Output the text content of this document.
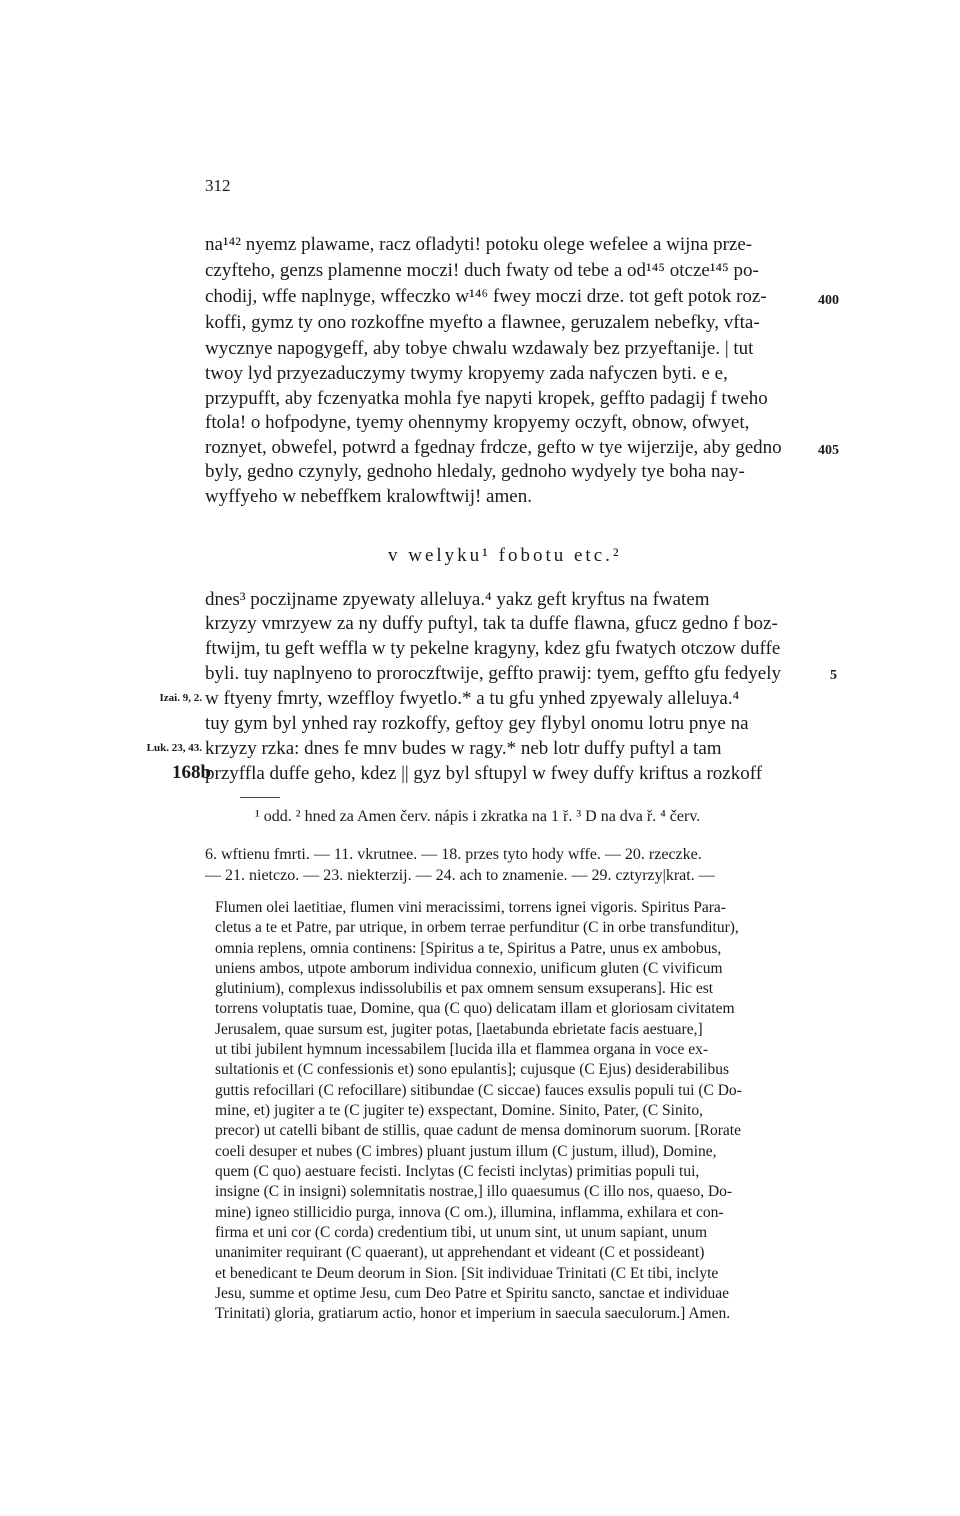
312
na¹⁴² nyemz plawame, racz ofladyti! potoku olege wefelee a wijna prze-
czyfteho, genzs plamenne moczi! duch fwaty od tebe a od¹⁴⁵ otcze¹⁴⁵ po-
chodij, wffe naplnyge, wffeczko w¹⁴⁶ fwey moczi drze. tot geft potok roz-
koffi, gymz ty ono rozkoffne myefto a flawnee, geruzalem nebefky, vfta-
wycznye napogygeff, aby tobye chwalu wzdawaly bez przyeftanije. | tut
twoy lyd przyezaduczymy twymy kropyemy zada nafyczen byti. e e,
przypufft, aby fczenyatka mohla fye napyti kropek, geffto padagij f tweho
ftola! o hofpodyne, tyemy ohennymy kropyemy oczyft, obnow, ofwyet,
roznyet, obwefel, potwrd a fgednay frdcze, gefto w tye wijerzije, aby gedno
byly, gedno czynyly, gednoho hledaly, gednoho wydyely tye boha nay-
wyffyeho w nebeffkem kralowftwij! amen.
400
405
5
v welyku¹ fobotu etc.²
dnes³ poczijname zpyewaty alleluya.⁴ yakz geft kryftus na fwatem
krzyzy vmrzyew za ny duffy puftyl, tak ta duffe flawna, gfucz gedno f boz-
ftwijm, tu geft weffla w ty pekelne kragyny, kdez gfu fwatych otczow duffe
byli. tuy naplnyeno to proroczftwije, geffto prawij: tyem, geffto gfu fedyely
w ftyeny fmrty, wzeffloy fwyetlo.* a tu gfu ynhed zpyewaly alleluya.⁴
tuy gym byl ynhed ray rozkoffy, geftoy gey flybyl onomu lotru pnye na
krzyzy rzka: dnes fe mnv budes w ragy.* neb lotr duffy puftyl a tam
przyffla duffe geho, kdez || gyz byl sftupyl w fwey duffy kriftus a rozkoff
Izai. 9, 2.
Luk. 23, 43.
168b
¹ odd. ² hned za Amen červ. nápis i zkratka na 1 ř. ³ D na dva ř. ⁴ červ.
6. wftienu fmrti. — 11. vkrutnee. — 18. przes tyto hody wffe. — 20. rzeczke.
— 21. nietczo. — 23. niekterzij. — 24. ach to znamenie. — 29. cztyrzy|krat. —
Flumen olei laetitiae, flumen vini meracissimi, torrens ignei vigoris. Spiritus Para-
cletus a te et Patre, par utrique, in orbem terrae perfunditur (C in orbe transfunditur),
omnia replens, omnia continens: [Spiritus a te, Spiritus a Patre, unus ex ambobus,
uniens ambos, utpote amborum individua connexio, unificum gluten (C vivificum
glutinium), complexus indissolubilis et pax omnem sensum exsuperans]. Hic est
torrens voluptatis tuae, Domine, qua (C quo) delicatam illam et gloriosam civitatem
Jerusalem, quae sursum est, jugiter potas, [laetabunda ebrietate facis aestuare,]
ut tibi jubilent hymnum incessabilem [lucida illa et flammea organa in voce ex-
sultationis et (C confessionis et) sono epulantis]; cujusque (C Ejus) desiderabilibus
guttis refocillari (C refocillare) sitibundae (C siccae) fauces exsulis populi tui (C Do-
mine, et) jugiter a te (C jugiter te) exspectant, Domine. Sinito, Pater, (C Sinito,
precor) ut catelli bibant de stillis, quae cadunt de mensa dominorum suorum. [Rorate
coeli desuper et nubes (C imbres) pluant justum illum (C justum, illud), Domine,
quem (C quo) aestuare fecisti. Inclytas (C fecisti inclytas) primitias populi tui,
insigne (C in insigni) solemnitatis nostrae,] illo quaesumus (C illo nos, quaeso, Do-
mine) igneo stillicidio purga, innova (C om.), illumina, inflamma, exhilara et con-
firma et uni cor (C corda) credentium tibi, ut unum sint, ut unum sapiant, unum
unanimiter requirant (C quaerant), ut apprehendant et videant (C et possideant)
et benedicant te Deum deorum in Sion. [Sit individuae Trinitati (C Et tibi, inclyte
Jesu, summe et optime Jesu, cum Deo Patre et Spiritu sancto, sanctae et individuae
Trinitati) gloria, gratiarum actio, honor et imperium in saecula saeculorum.] Amen.
